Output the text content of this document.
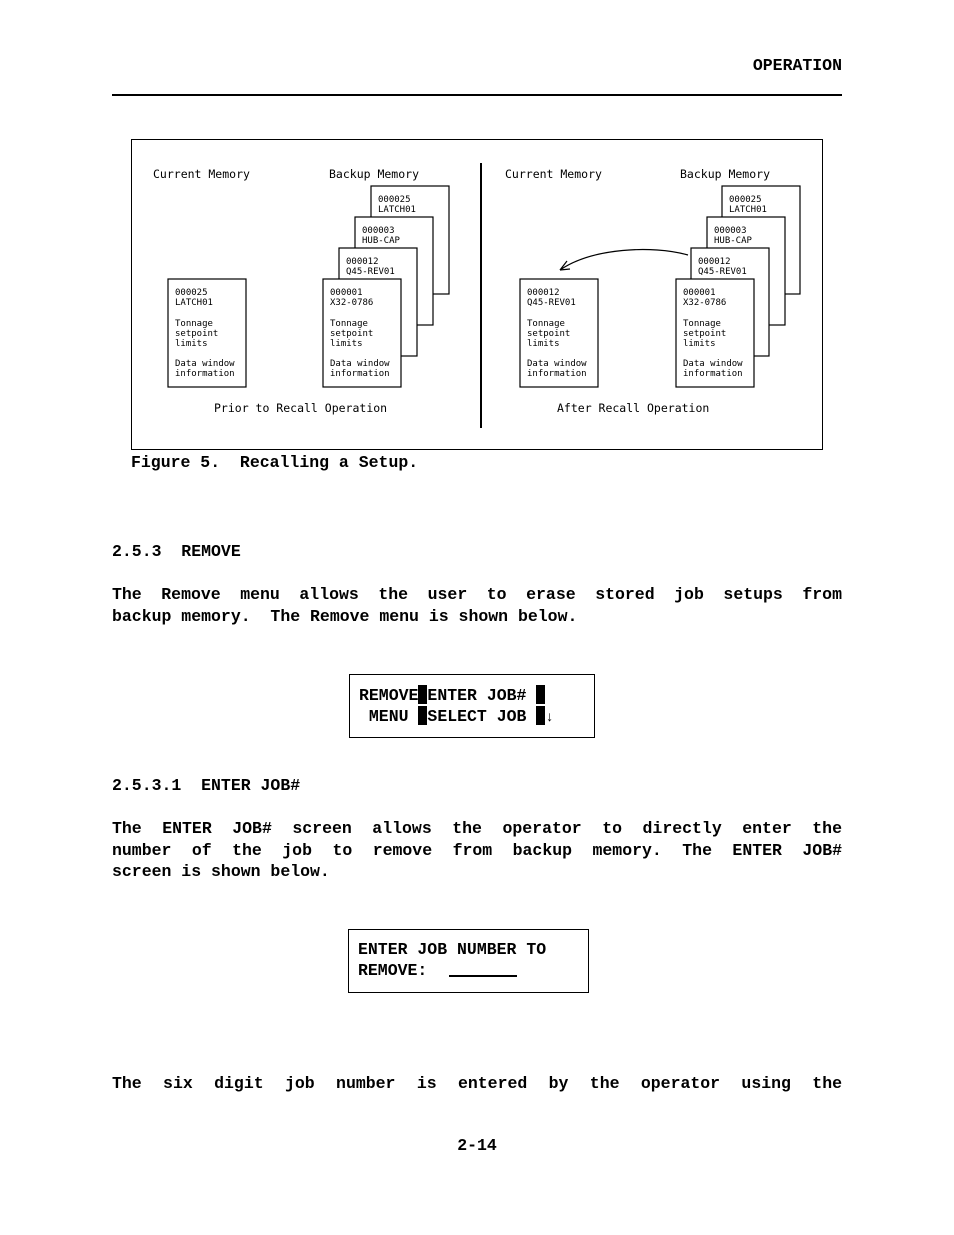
OPERATION
Current Memory	Backup Memory
000025
LATCH01
000003
HUB-CAP
000012
Q45-REV01
000001
X32-0786
Tonnage
setpoint
limits
Data window
information
000025
LATCH01
Tonnage
setpoint
limits
Data window
information
Prior to Recall Operation
Current Memory	Backup Memory
000025
LATCH01
000003
HUB-CAP
000012
Q45-REV01
000001
X32-0786
Tonnage
setpoint
limits
Data window
information
000012
Q45-REV01
Tonnage
setpoint
limits
Data window
information
After Recall Operation
Figure 5.  Recalling a Setup.
2.5.3  REMOVE
The Remove menu allows the user to erase stored job setups from
backup memory.  The Remove menu is shown below.
REMOVE ENTER JOB#
MENU SELECT JOB ↓
2.5.3.1  ENTER JOB#
The ENTER JOB# screen allows the operator to directly enter the
number of the job to remove from backup memory. The ENTER JOB#
screen is shown below.
ENTER JOB NUMBER TO
REMOVE:
The six digit job number is entered by the operator using the
2-14
